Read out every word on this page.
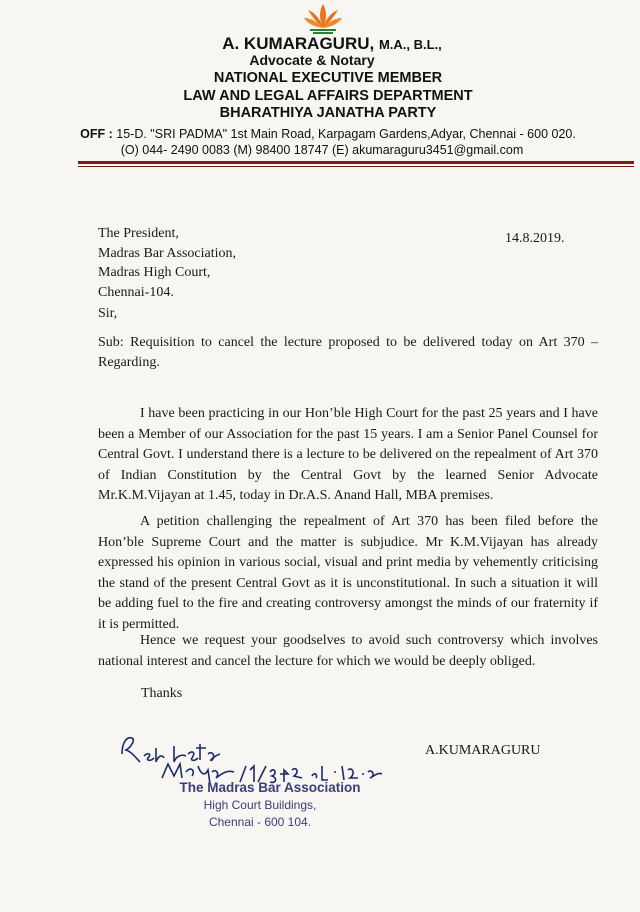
A. KUMARAGURU, M.A., B.L.,
Advocate & Notary
NATIONAL EXECUTIVE MEMBER
LAW AND LEGAL AFFAIRS DEPARTMENT
BHARATHIYA JANATHA PARTY
OFF : 15-D. "SRI PADMA" 1st Main Road, Karpagam Gardens,Adyar, Chennai - 600 020.
(O) 044- 2490 0083 (M) 98400 18747 (E) akumaraguru3451@gmail.com
The President,
Madras Bar Association,
Madras High Court,
Chennai-104.
14.8.2019.
Sir,
Sub: Requisition to cancel the lecture proposed to be delivered today on Art 370 – Regarding.
I have been practicing in our Hon’ble High Court for the past 25 years and I have been a Member of our Association for the past 15 years. I am a Senior Panel Counsel for Central Govt. I understand there is a lecture to be delivered on the repealment of Art 370 of Indian Constitution by the Central Govt by the learned Senior Advocate Mr.K.M.Vijayan at 1.45, today in Dr.A.S. Anand Hall, MBA premises.
A petition challenging the repealment of Art 370 has been filed before the Hon’ble Supreme Court and the matter is subjudice. Mr K.M.Vijayan has already expressed his opinion in various social, visual and print media by vehemently criticising the stand of the present Central Govt as it is unconstitutional. In such a situation it will be adding fuel to the fire and creating controversy amongst the minds of our fraternity if it is permitted.
Hence we request your goodselves to avoid such controversy which involves national interest and cancel the lecture for which we would be deeply obliged.
Thanks
A.KUMARAGURU
The Madras Bar Association
High Court Buildings,
Chennai - 600 104.
